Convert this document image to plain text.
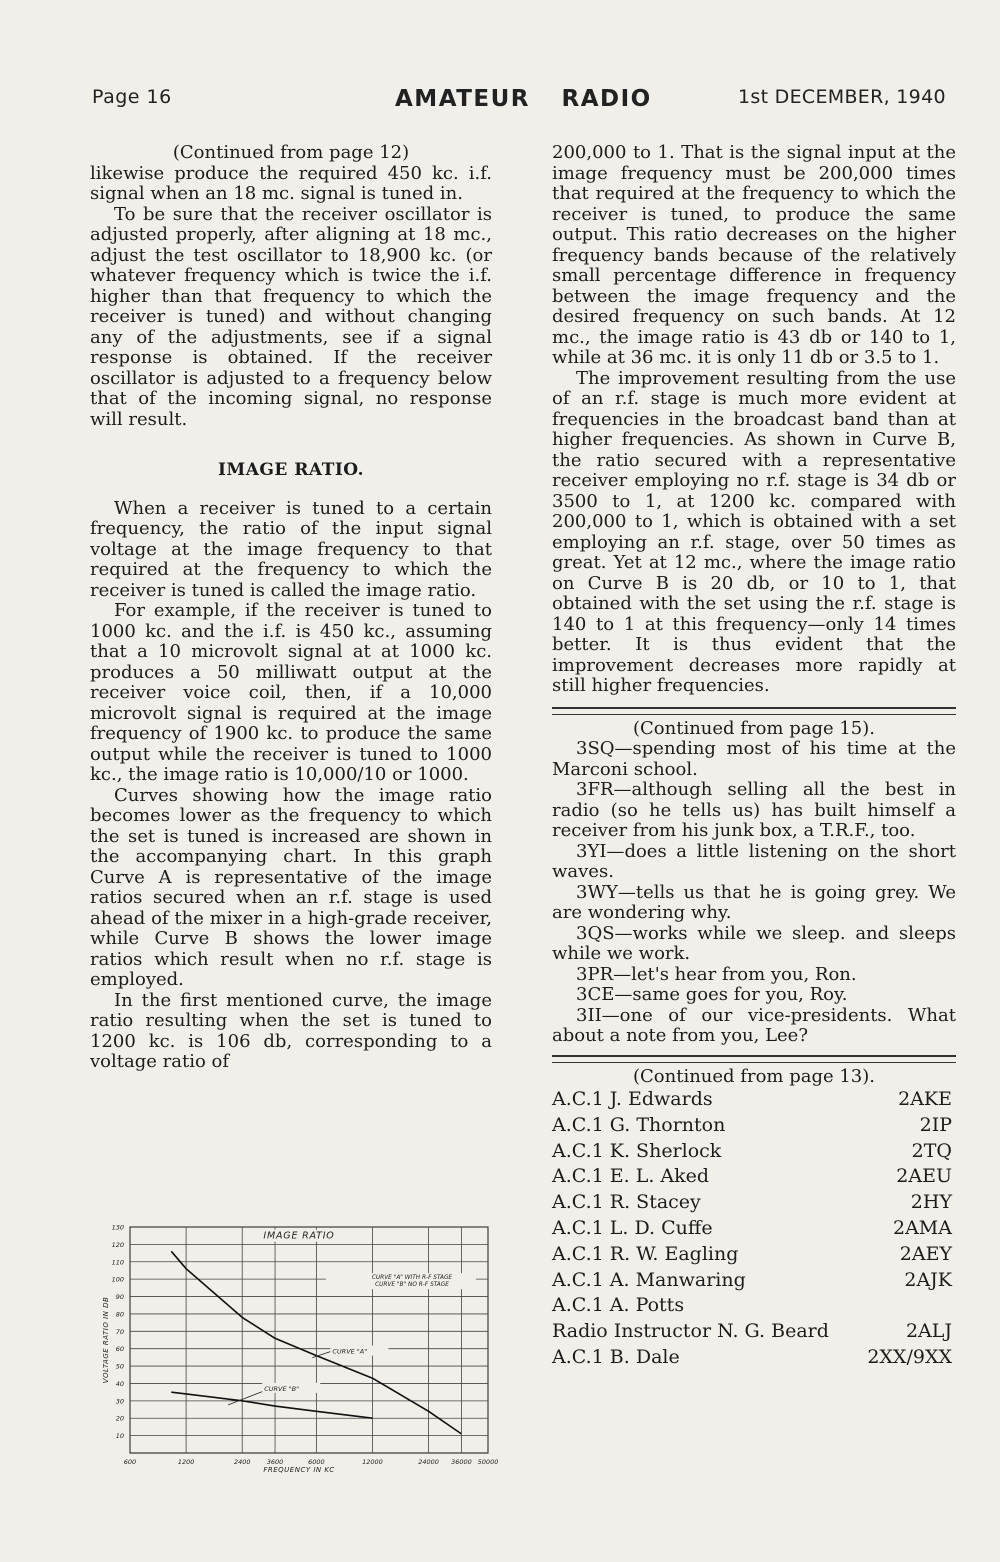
Page 16	AMATEUR RADIO	1st DECEMBER, 1940
(Continued from page 12)

likewise produce the required 450 kc. i.f. signal when an 18 mc. signal is tuned in.

To be sure that the receiver oscillator is adjusted properly, after aligning at 18 mc., adjust the test oscillator to 18,900 kc. (or whatever frequency which is twice the i.f. higher than that frequency to which the receiver is tuned) and without changing any of the adjustments, see if a signal response is obtained. If the receiver oscillator is adjusted to a frequency below that of the incoming signal, no response will result.

IMAGE RATIO.

When a receiver is tuned to a certain frequency, the ratio of the input signal voltage at the image frequency to that required at the frequency to which the receiver is tuned is called the image ratio.

For example, if the receiver is tuned to 1000 kc. and the i.f. is 450 kc., assuming that a 10 microvolt signal at at 1000 kc. produces a 50 milliwatt output at the receiver voice coil, then, if a 10,000 microvolt signal is required at the image frequency of 1900 kc. to produce the same output while the receiver is tuned to 1000 kc., the image ratio is 10,000/10 or 1000.

Curves showing how the image ratio becomes lower as the frequency to which the set is tuned is increased are shown in the accompanying chart. In this graph Curve A is representative of the image ratios secured when an r.f. stage is used ahead of the mixer in a high-grade receiver, while Curve B shows the lower image ratios which result when no r.f. stage is employed.

In the first mentioned curve, the image ratio resulting when the set is tuned to 1200 kc. is 106 db, corresponding to a voltage ratio of

200,000 to 1. That is the signal input at the image frequency must be 200,000 times that required at the frequency to which the receiver is tuned, to produce the same output. This ratio decreases on the higher frequency bands because of the relatively small percentage difference in frequency between the image frequency and the desired frequency on such bands. At 12 mc., the image ratio is 43 db or 140 to 1, while at 36 mc. it is only 11 db or 3.5 to 1.

The improvement resulting from the use of an r.f. stage is much more evident at frequencies in the broadcast band than at higher frequencies. As shown in Curve B, the ratio secured with a representative receiver employing no r.f. stage is 34 db or 3500 to 1, at 1200 kc. compared with 200,000 to 1, which is obtained with a set employing an r.f. stage, over 50 times as great. Yet at 12 mc., where the image ratio on Curve B is 20 db, or 10 to 1, that obtained with the set using the r.f. stage is 140 to 1 at this frequency—only 14 times better. It is thus evident that the improvement decreases more rapidly at still higher frequencies.

(Continued from page 15).

3SQ—spending most of his time at the Marconi school.

3FR—although selling all the best in radio (so he tells us) has built himself a receiver from his junk box, a T.R.F., too.

3YI—does a little listening on the short waves.

3WY—tells us that he is going grey. We are wondering why.

3QS—works while we sleep. and sleeps while we work.

3PR—let's hear from you, Ron.

3CE—same goes for you, Roy.

3II—one of our vice-presidents. What about a note from you, Lee?

(Continued from page 13).
A.C.1 J. Edwards	2AKE
A.C.1 G. Thornton	2IP
A.C.1 K. Sherlock	2TQ
A.C.1 E. L. Aked	2AEU
A.C.1 R. Stacey	2HY
A.C.1 L. D. Cuffe	2AMA
A.C.1 R. W. Eagling	2AEY
A.C.1 A. Manwaring	2AJK
A.C.1 A. Potts	
Radio Instructor N. G. Beard	2ALJ
A.C.1 B. Dale	2XX/9XX
10
20
30
40
50
60
70
80
90
100
110
120
130
600	1200	2400	3600	6000	12000	24000 36000 50000
FREQUENCY IN KC
VOLTAGE RATIO IN DB
IMAGE RATIO
CURVE "A" WITH R-F STAGE
CURVE "B" NO R-F STAGE
CURVE "A"
CURVE "B"
